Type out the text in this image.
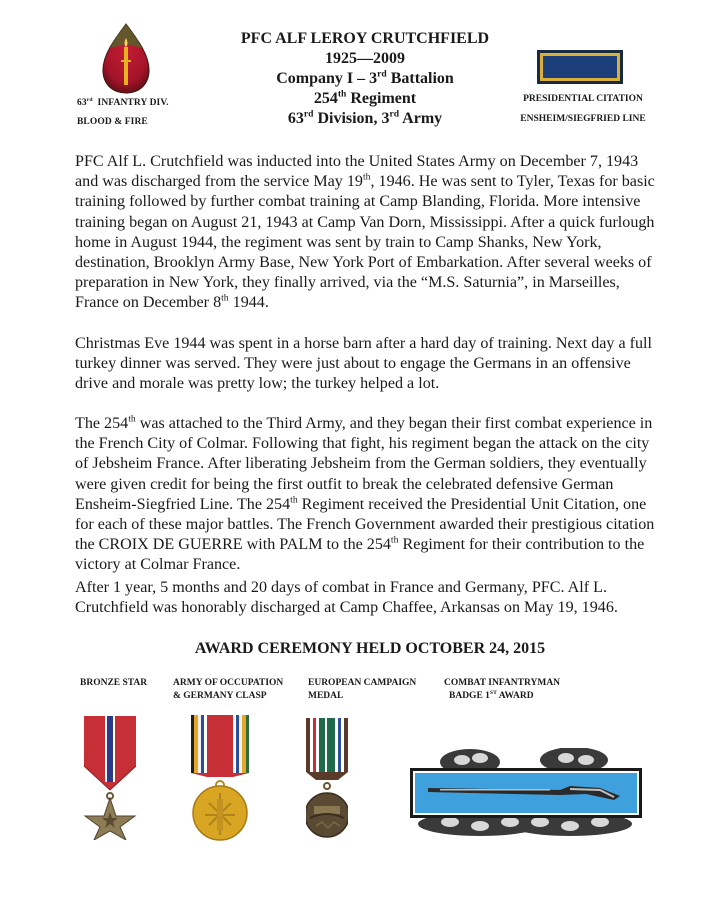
63rd INFANTRY DIV.
BLOOD & FIRE
PFC ALF LEROY CRUTCHFIELD
1925—2009
Company I – 3rd Battalion
254th Regiment
63rd Division, 3rd Army
PRESIDENTIAL CITATION
ENSHEIM/SIEGFRIED LINE

PFC Alf L. Crutchfield was inducted into the United States Army on December 7, 1943 and was discharged from the service May 19th, 1946. He was sent to Tyler, Texas for basic training followed by further combat training at Camp Blanding, Florida. More intensive training began on August 21, 1943 at Camp Van Dorn, Mississippi. After a quick furlough home in August 1944, the regiment was sent by train to Camp Shanks, New York, destination, Brooklyn Army Base, New York Port of Embarkation. After several weeks of preparation in New York, they finally arrived, via the “M.S. Saturnia”, in Marseilles, France on December 8th 1944.

Christmas Eve 1944 was spent in a horse barn after a hard day of training. Next day a full turkey dinner was served. They were just about to engage the Germans in an offensive drive and morale was pretty low; the turkey helped a lot.

The 254th was attached to the Third Army, and they began their first combat experience in the French City of Colmar. Following that fight, his regiment began the attack on the city of Jebsheim France. After liberating Jebsheim from the German soldiers, they eventually were given credit for being the first outfit to break the celebrated defensive German Ensheim-Siegfried Line. The 254th Regiment received the Presidential Unit Citation, one for each of these major battles. The French Government awarded their prestigious citation the CROIX DE GUERRE with PALM to the 254th Regiment for their contribution to the victory at Colmar France.

After 1 year, 5 months and 20 days of combat in France and Germany, PFC. Alf L. Crutchfield was honorably discharged at Camp Chaffee, Arkansas on May 19, 1946.

AWARD CEREMONY HELD OCTOBER 24, 2015
BRONZE STAR	ARMY OF OCCUPATION
& GERMANY CLASP
EUROPEAN CAMPAIGN
MEDAL
COMBAT INFANTRYMAN
BADGE 1ST AWARD
